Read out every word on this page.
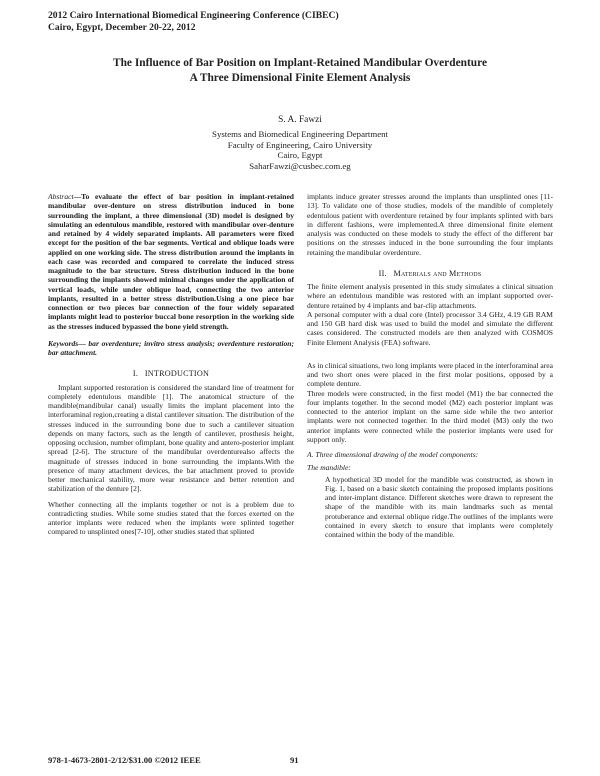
2012 Cairo International Biomedical Engineering Conference (CIBEC)
Cairo, Egypt, December 20-22, 2012
The Influence of Bar Position on Implant-Retained Mandibular Overdenture
A Three Dimensional Finite Element Analysis
S. A. Fawzi
Systems and Biomedical Engineering Department
Faculty of Engineering, Cairo University
Cairo, Egypt
SaharFawzi@cusbec.com.eg

Abstract—To evaluate the effect of bar position in implant-retained mandibular over-denture on stress distribution induced in bone surrounding the implant, a three dimensional (3D) model is designed by simulating an edentulous mandible, restored with mandibular over-denture and retained by 4 widely separated implants. All parameters were fixed except for the position of the bar segments. Vertical and oblique loads were applied on one working side. The stress distribution around the implants in each case was recorded and compared to correlate the induced stress magnitude to the bar structure. Stress distribution induced in the bone surrounding the implants showed minimal changes under the application of vertical loads, while under oblique load, connecting the two anterior implants, resulted in a better stress distribution.Using a one piece bar connection or two pieces bar connection of the four widely separated implants might lead to posterior buccal bone resorption in the working side as the stresses induced bypassed the bone yield strength.

Keywords— bar overdenture; invitro stress analysis; overdenture restoration; bar attachment.

I. INTRODUCTION

Implant supported restoration is considered the standard line of treatment for completely edentulous mandible [1]. The anatomical structure of the mandible(mandibular canal) usually limits the implant placement into the interforaminal region,creating a distal cantilever situation. The distribution of the stresses induced in the surrounding bone due to such a cantilever situation depends on many factors, such as the length of cantilever, prosthesis height, opposing occlusion, number ofimplant, bone quality and antero-posterior implant spread [2-6]. The structure of the mandibular overdenturealso affects the magnitude of stresses induced in bone surrounding the implants.With the presence of many attachment devices, the bar attachment proved to provide better mechanical stability, more wear resistance and better retention and stabilization of the denture [2].

Whether connecting all the implants together or not is a problem due to contradicting studies. While some studies stated that the forces exerted on the anterior implants were reduced when the implants were splinted together compared to unsplinted ones[7-10], other studies stated that splinted

implants induce greater stresses around the implants than unsplinted ones [11-13]. To validate one of those studies, models of the mandible of completely edentulous patient with overdenture retained by four implants splinted with bars in different fashions, were implemented.A three dimensional finite element analysis was conducted on these models to study the effect of the different bar positions on the stresses induced in the bone surrounding the four implants retaining the mandibular overdenture.

II. Materials and Methods

The finite element analysis presented in this study simulates a clinical situation where an edentulous mandible was restored with an implant supported over-denture retained by 4 implants and bar-clip attachments.

A personal computer with a dual core (Intel) processor 3.4 GHz, 4.19 GB RAM and 150 GB hard disk was used to build the model and simulate the different cases considered. The constructed models are then analyzed with COSMOS Finite Element Analysis (FEA) software.

As in clinical situations, two long implants were placed in the interforaminal area and two short ones were placed in the first molar positions, opposed by a complete denture.

Three models were constructed, in the first model (M1) the bar connected the four implants together. In the second model (M2) each posterior implant was connected to the anterior implant on the same side while the two anterior implants were not connected together. In the third model (M3) only the two anterior implants were connected while the posterior implants were used for support only.

A. Three dimensional drawing of the model components:
The mandible:

A hypothetical 3D model for the mandible was constructed, as shown in Fig. 1, based on a basic sketch containing the proposed implants positions and inter-implant distance. Different sketches were drawn to represent the shape of the mandible with its main landmarks such as mental protuberance and external oblique ridge.The outlines of the implants were contained in every sketch to ensure that implants were completely contained within the body of the mandible.

978-1-4673-2801-2/12/$31.00 ©2012 IEEE	91
